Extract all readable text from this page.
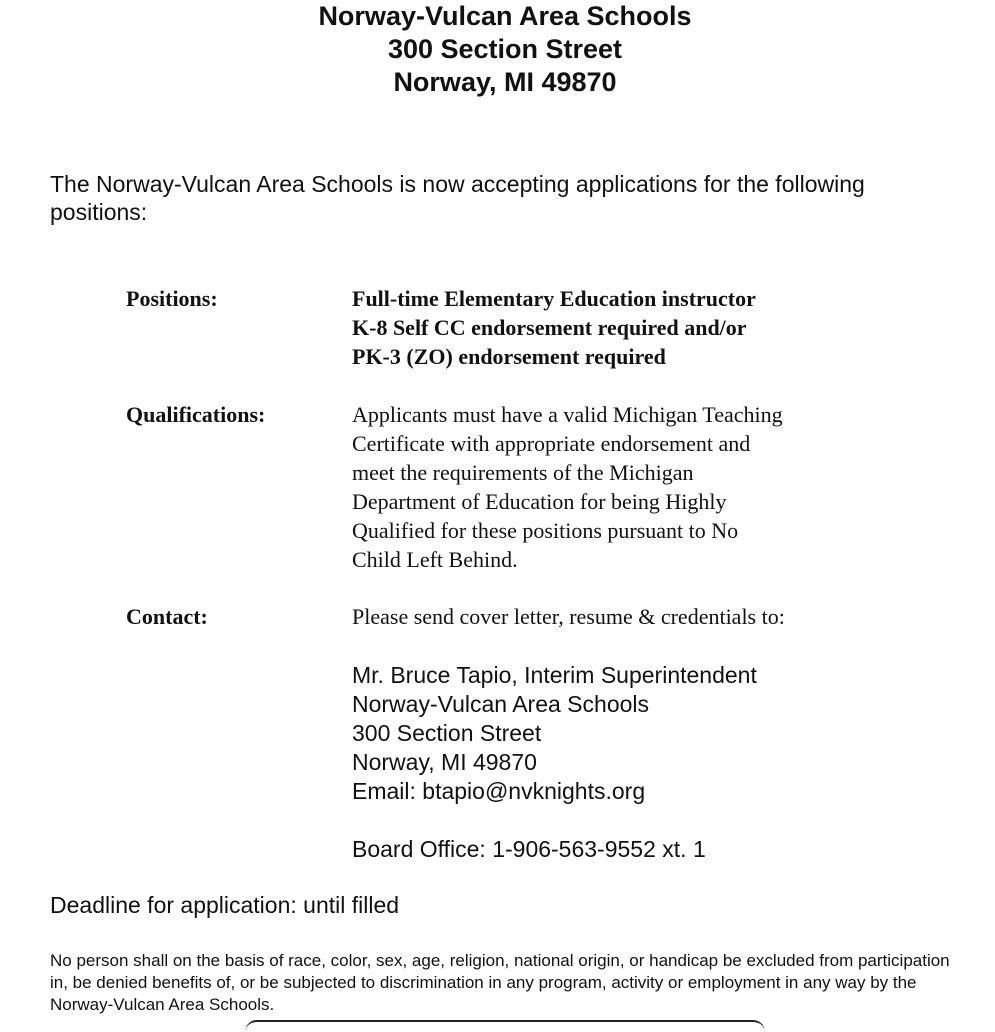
Norway-Vulcan Area Schools
300 Section Street
Norway, MI 49870
The Norway-Vulcan Area Schools is now accepting applications for the following positions:
Positions:	Full-time Elementary Education instructor
K-8 Self CC endorsement required and/or
PK-3 (ZO) endorsement required
Qualifications:	Applicants must have a valid Michigan Teaching
Certificate with appropriate endorsement and
meet the requirements of the Michigan
Department of Education for being Highly
Qualified for these positions pursuant to No
Child Left Behind.
Contact:	Please send cover letter, resume & credentials to:
Mr. Bruce Tapio, Interim Superintendent
Norway-Vulcan Area Schools
300 Section Street
Norway, MI 49870
Email: btapio@nvknights.org
Board Office: 1-906-563-9552 xt. 1
Deadline for application: until filled
No person shall on the basis of race, color, sex, age, religion, national origin, or handicap be excluded from participation in, be denied benefits of, or be subjected to discrimination in any program, activity or employment in any way by the Norway-Vulcan Area Schools.
